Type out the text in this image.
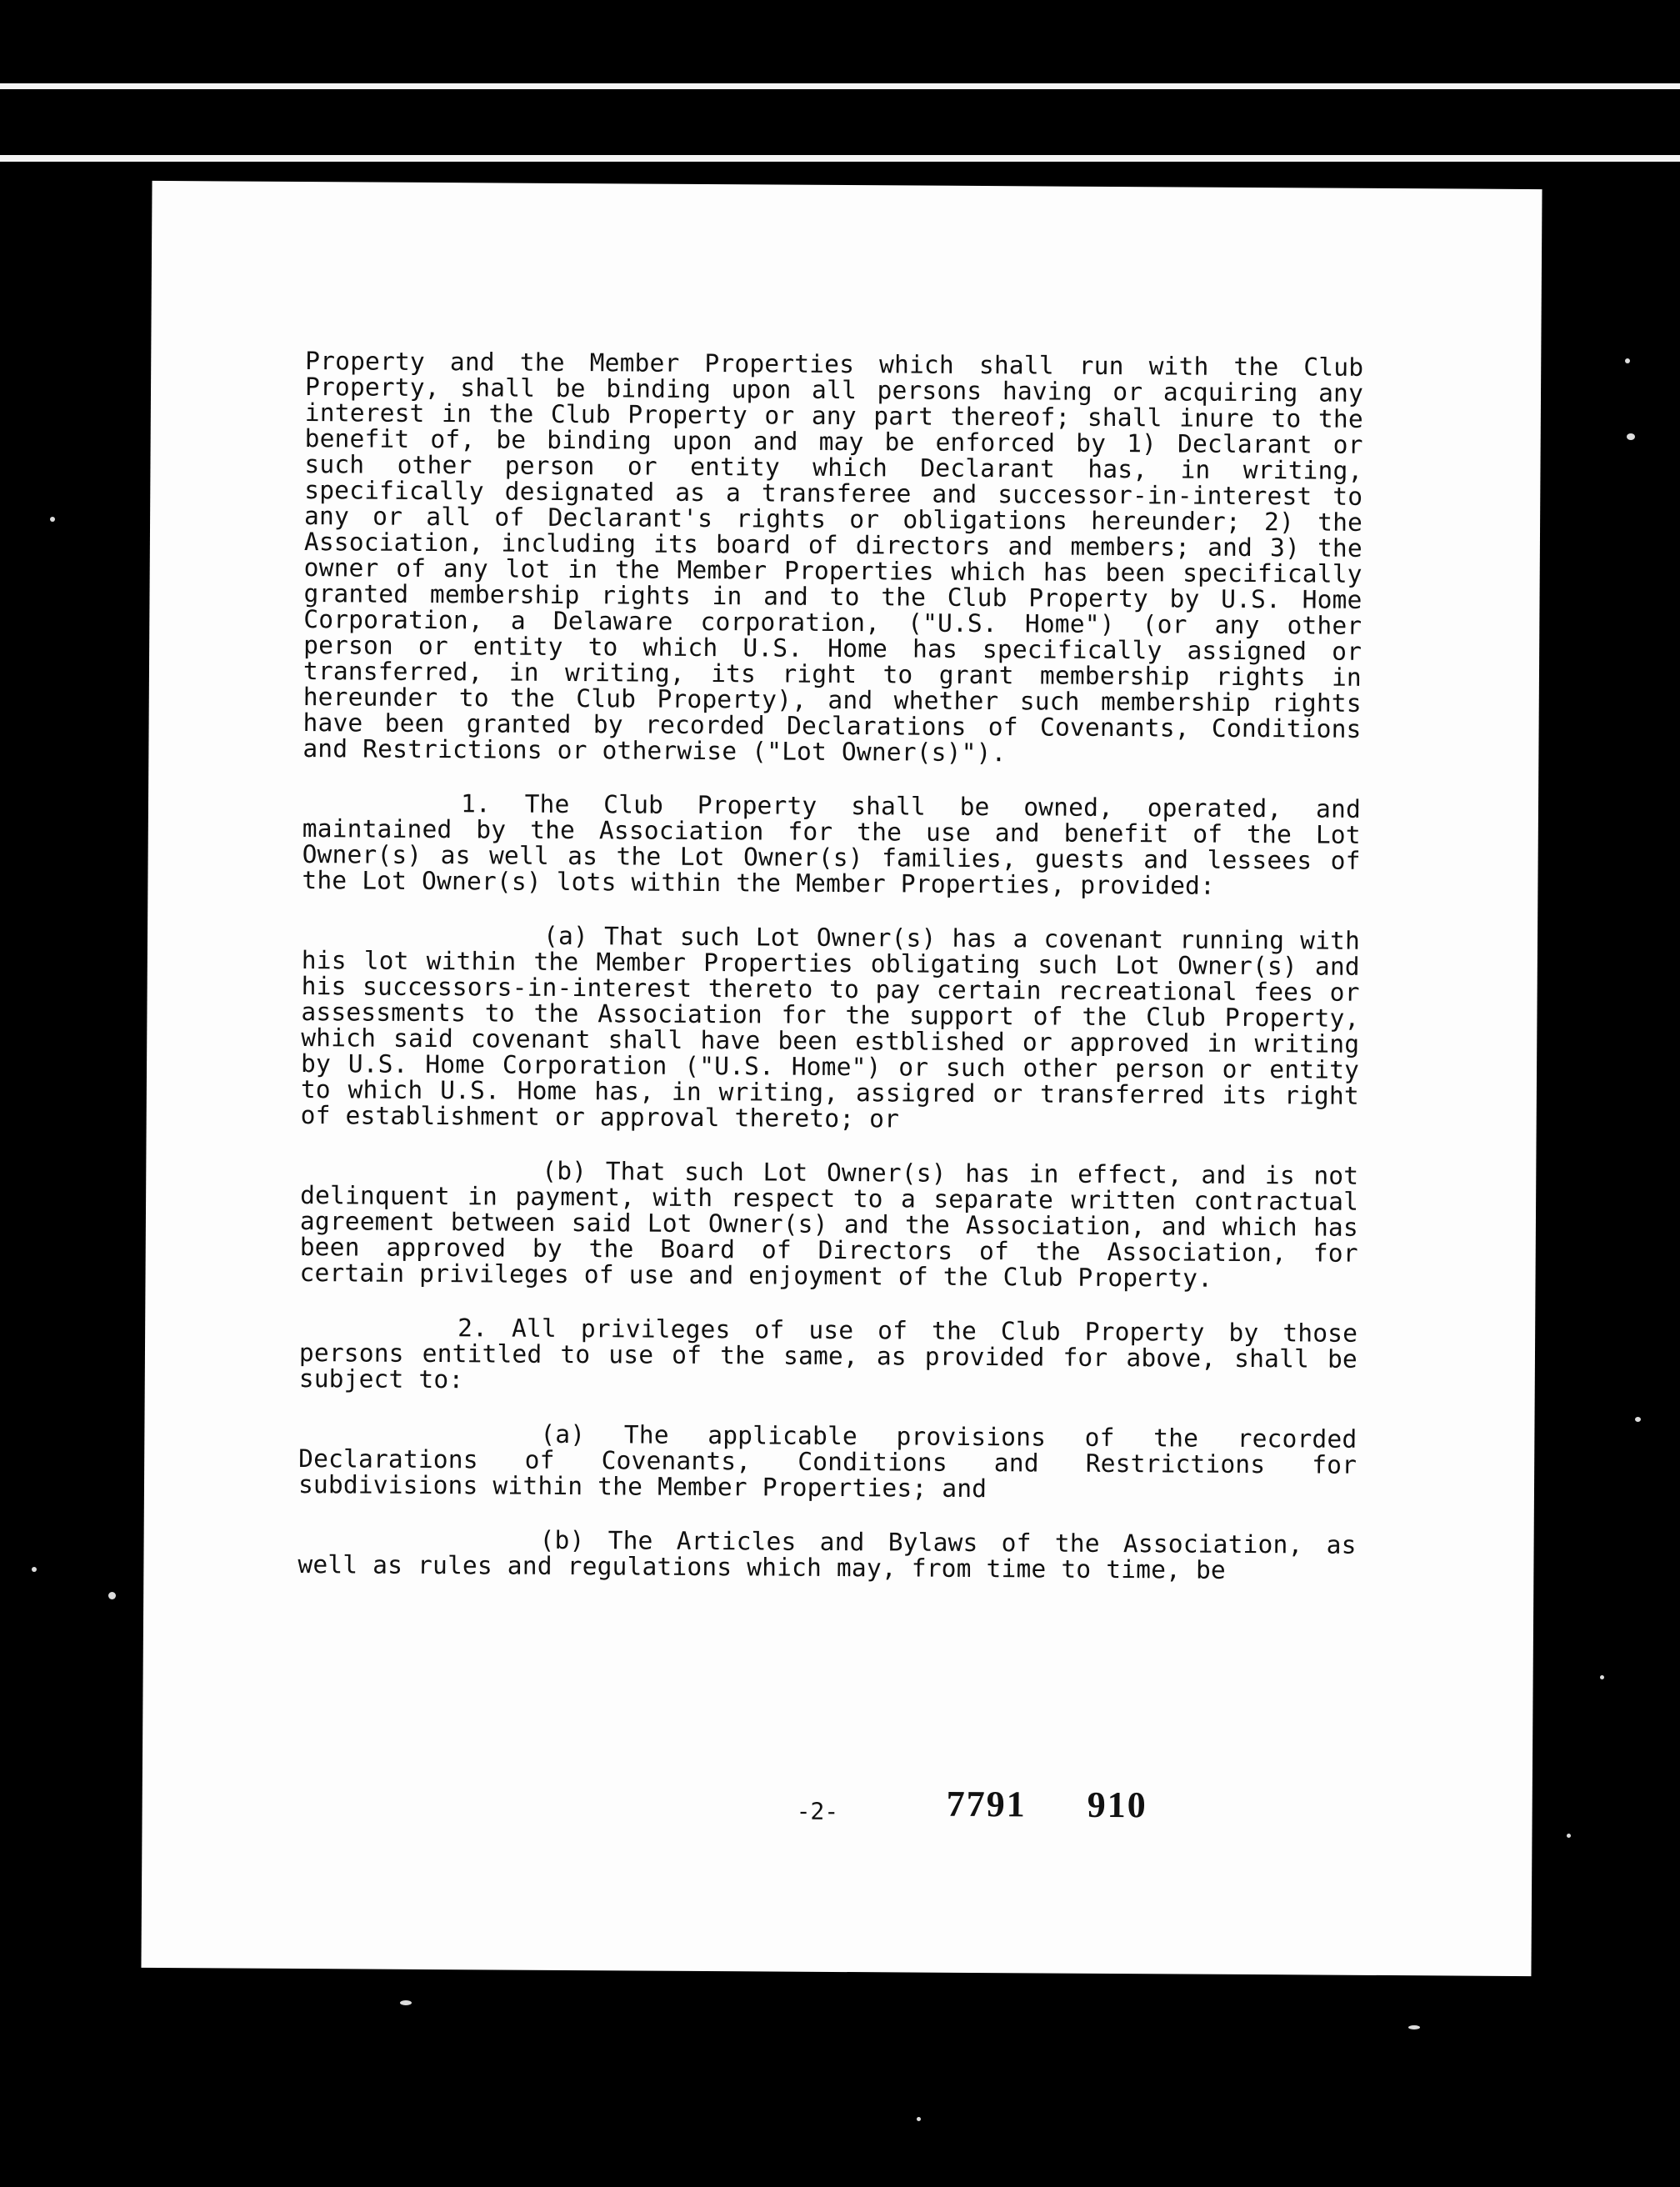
Property and the Member Properties which shall run with the Club Property, shall be binding upon all persons having or acquiring any interest in the Club Property or any part thereof; shall inure to the benefit of, be binding upon and may be enforced by 1) Declarant or such other person or entity which Declarant has, in writing, specifically designated as a transferee and successor-in-interest to any or all of Declarant's rights or obligations hereunder; 2) the Association, including its board of directors and members; and 3) the owner of any lot in the Member Properties which has been specifically granted membership rights in and to the Club Property by U.S. Home Corporation, a Delaware corporation, ("U.S. Home") (or any other person or entity to which U.S. Home has specifically assigned or transferred, in writing, its right to grant membership rights in hereunder to the Club Property), and whether such membership rights have been granted by recorded Declarations of Covenants, Conditions and Restrictions or otherwise ("Lot Owner(s)").

1. The Club Property shall be owned, operated, and maintained by the Association for the use and benefit of the Lot Owner(s) as well as the Lot Owner(s) families, guests and lessees of the Lot Owner(s) lots within the Member Properties, provided:

(a) That such Lot Owner(s) has a covenant running with his lot within the Member Properties obligating such Lot Owner(s) and his successors-in-interest thereto to pay certain recreational fees or assessments to the Association for the support of the Club Property, which said covenant shall have been estblished or approved in writing by U.S. Home Corporation ("U.S. Home") or such other person or entity to which U.S. Home has, in writing, assigred or transferred its right of establishment or approval thereto; or

(b) That such Lot Owner(s) has in effect, and is not delinquent in payment, with respect to a separate written contractual agreement between said Lot Owner(s) and the Association, and which has been approved by the Board of Directors of the Association, for certain privileges of use and enjoyment of the Club Property.

2. All privileges of use of the Club Property by those persons entitled to use of the same, as provided for above, shall be subject to:

(a) The applicable provisions of the recorded Declarations of Covenants, Conditions and Restrictions for subdivisions within the Member Properties; and

(b) The Articles and Bylaws of the Association, as well as rules and regulations which may, from time to time, be

-2-	7791 910
